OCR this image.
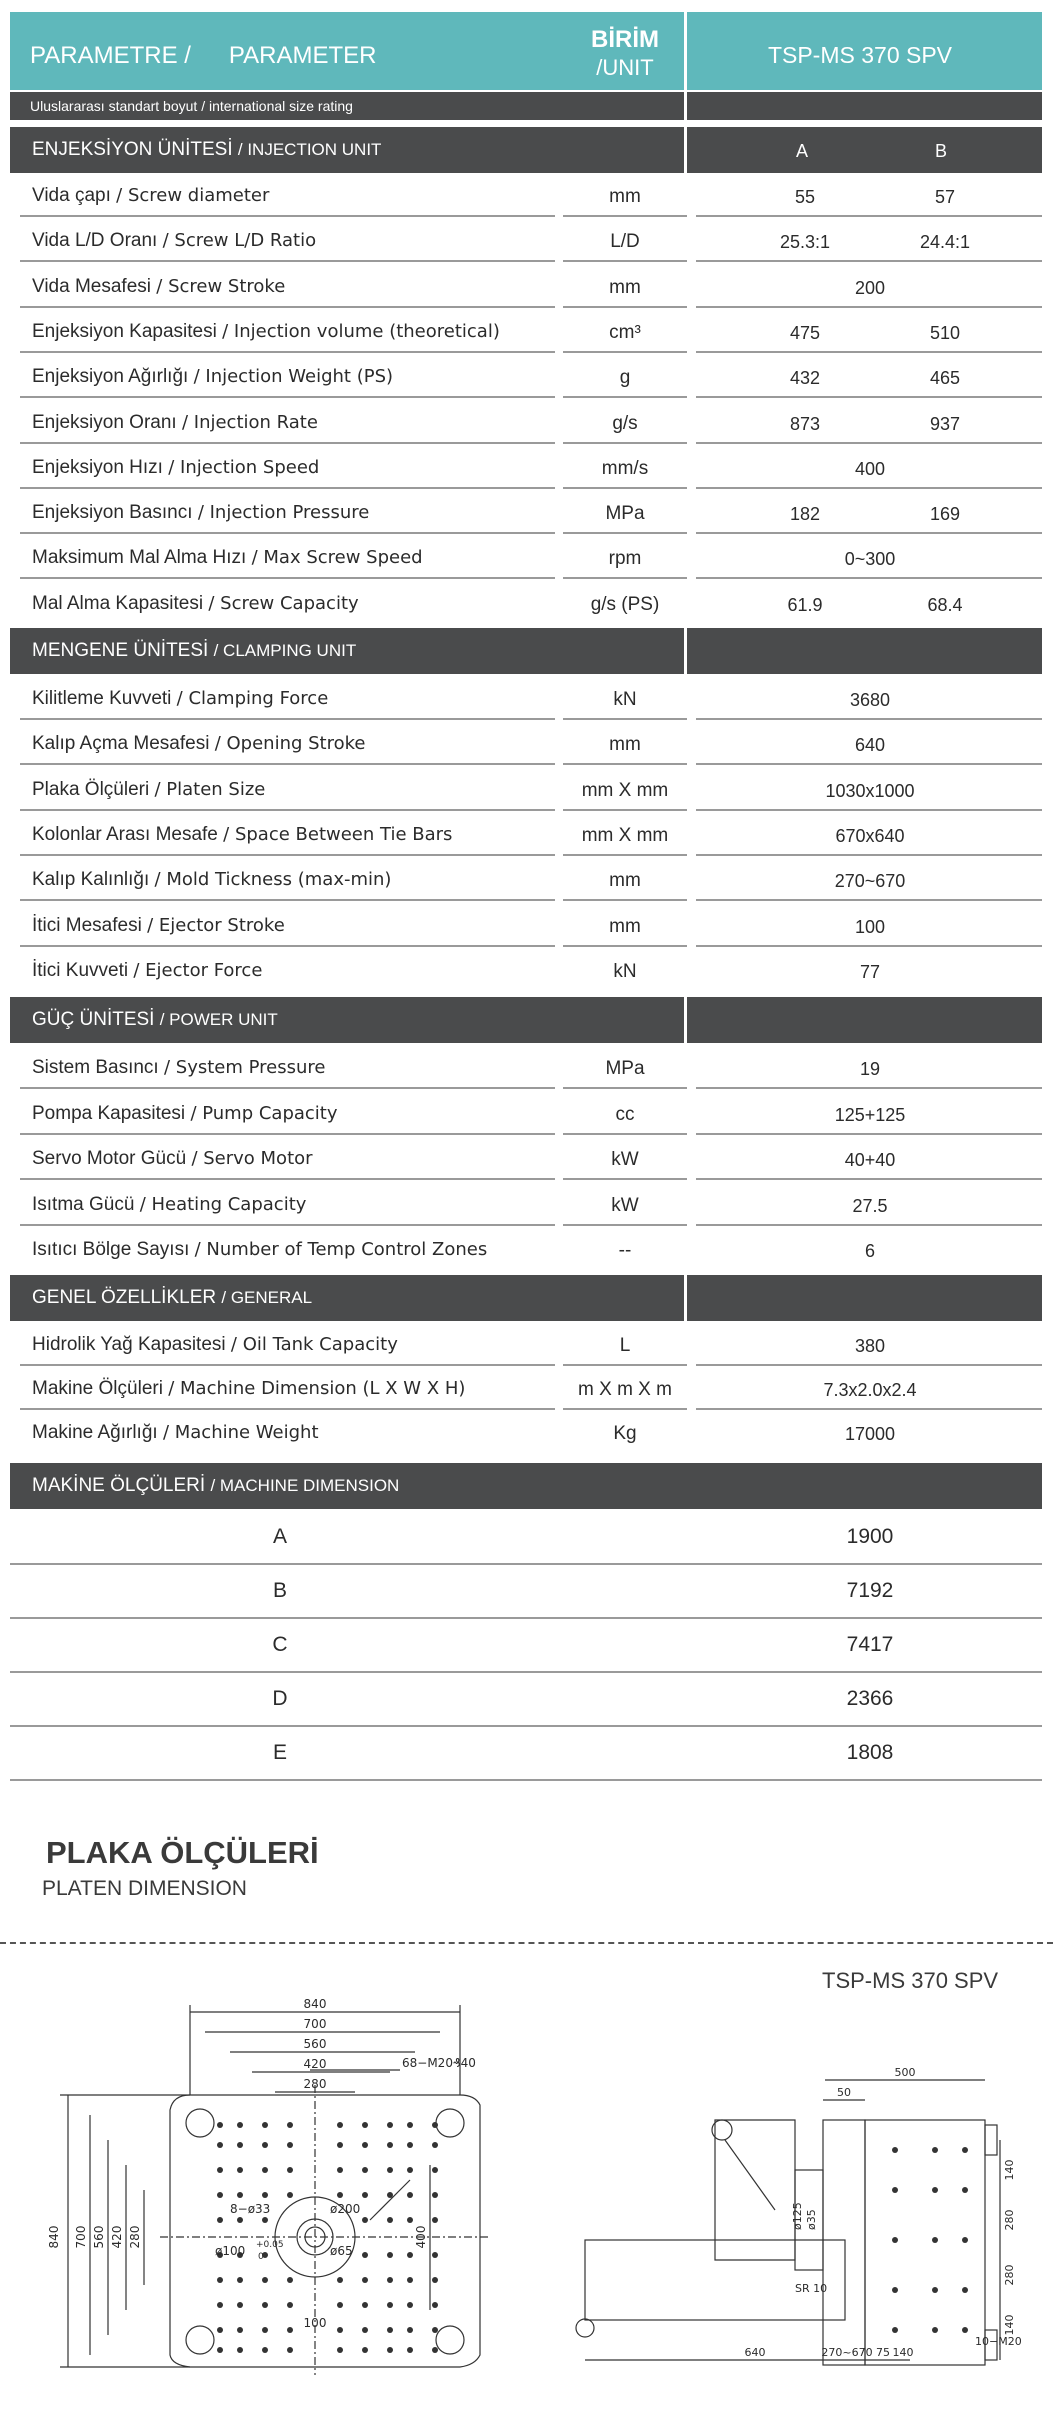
PARAMETRE / PARAMETER
BİRİM
/UNIT	TSP-MS 370 SPV
Uluslararası standart boyut / international size rating
ENJEKSİYON ÜNİTESİ / INJECTION UNIT	A	B
Vida çapı / Screw diameter	mm	55	57
Vida L/D Oranı / Screw L/D Ratio	L/D	25.3:1	24.4:1
Vida Mesafesi / Screw Stroke	mm	200
Enjeksiyon Kapasitesi / Injection volume (theoretical)	cm³	475	510
Enjeksiyon Ağırlığı / Injection Weight (PS)	g	432	465
Enjeksiyon Oranı / Injection Rate	g/s	873	937
Enjeksiyon Hızı / Injection Speed	mm/s	400
Enjeksiyon Basıncı / Injection Pressure	MPa	182	169
Maksimum Mal Alma Hızı / Max Screw Speed	rpm	0~300
Mal Alma Kapasitesi / Screw Capacity	g/s (PS)	61.9	68.4
MENGENE ÜNİTESİ / CLAMPING UNIT
Kilitleme Kuvveti / Clamping Force	kN	3680
Kalıp Açma Mesafesi / Opening Stroke	mm	640
Plaka Ölçüleri / Platen Size	mm X mm	1030x1000
Kolonlar Arası Mesafe / Space Between Tie Bars	mm X mm	670x640
Kalıp Kalınlığı / Mold Tickness (max-min)	mm	270~670
İtici Mesafesi / Ejector Stroke	mm	100
İtici Kuvveti / Ejector Force	kN	77
GÜÇ ÜNİTESİ / POWER UNIT
Sistem Basıncı / System Pressure	MPa	19
Pompa Kapasitesi / Pump Capacity	cc	125+125
Servo Motor Gücü / Servo Motor	kW	40+40
Isıtma Gücü / Heating Capacity	kW	27.5
Isıtıcı Bölge Sayısı / Number of Temp Control Zones	--	6
GENEL ÖZELLİKLER / GENERAL
Hidrolik Yağ Kapasitesi / Oil Tank Capacity	L	380
Makine Ölçüleri / Machine Dimension (L X W X H)	m X m X m	7.3x2.0x2.4
Makine Ağırlığı / Machine Weight	Kg	17000
MAKİNE ÖLÇÜLERİ / MACHINE DIMENSION
A	1900
B	7192
C	7417
D	2366
E	1808
PLAKA ÖLÇÜLERİ
PLATEN DIMENSION
TSP-MS 370 SPV
840
700
560
420
280
840 700 560 420 280	400
68−M20₰40
8−ø33	ø200
ø100 +0.05
0	ø65
100
500
50
140
280
280
140
SR 10
ø125 ø35
640	270~670 75 140
10−M20
